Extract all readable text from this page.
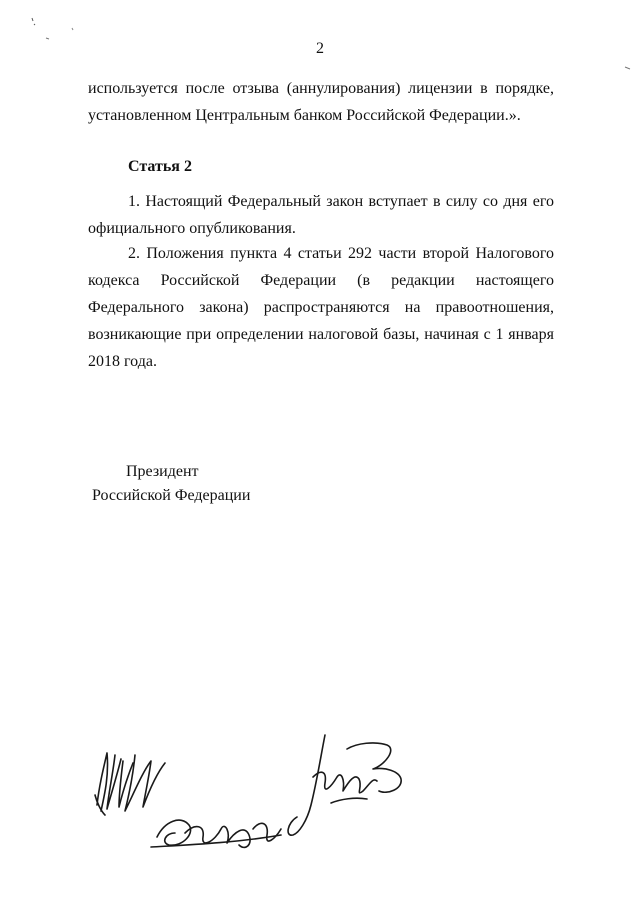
2
используется после отзыва (аннулирования) лицензии в порядке,
установленном Центральным банком Российской Федерации.».
Статья 2
1. Настоящий Федеральный закон вступает в силу со дня его официального опубликования.
2. Положения пункта 4 статьи 292 части второй Налогового кодекса Российской Федерации (в редакции настоящего Федерального закона) распространяются на правоотношения, возникающие при определении налоговой базы, начиная с 1 января 2018 года.
Президент
Российской Федерации
